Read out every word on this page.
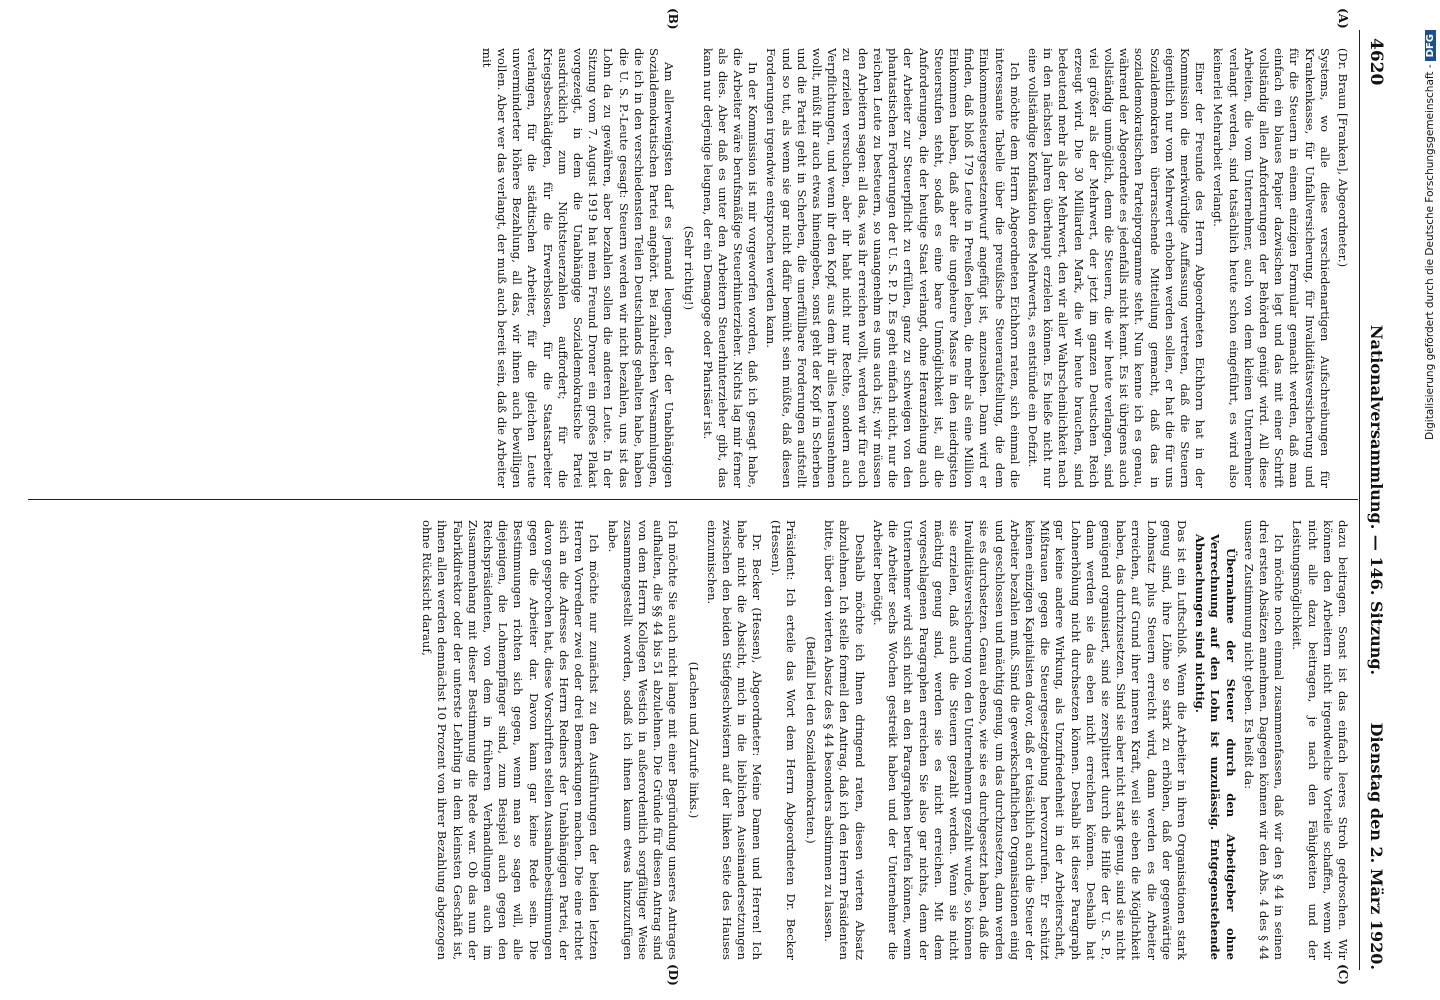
4620
Nationalversammlung. — 146. Sitzung.
Dienstag den 2. März 1920.
(A)
(B)
(C)
(D)

(Dr. Braun [Franken], Abgeordneter.)

Systems, wo alle diese verschiedenartigen Aufschreibungen für Krankenkasse, für Unfallversicherung, für Invaliditätsversicherung und für die Steuern in einem einzigen Formular gemacht werden, daß man einfach ein blaues Papier dazwischen legt und das mit einer Schrift vollständig allen Anforderungen der Behörden genügt wird. All diese Arbeiten, die vom Unternehmer, auch von dem kleinen Unternehmer verlangt werden, sind tatsächlich heute schon eingeführt, es wird also keinerlei Mehrarbeit verlangt.

Einer der Freunde des Herrn Abgeordneten Eichhorn hat in der Kommission die merkwürdige Auffassung vertreten, daß die Steuern eigentlich nur vom Mehrwert erhoben werden sollen, er hat die für uns Sozialdemokraten überraschende Mitteilung gemacht, daß das in sozialdemokratischen Parteiprogramme steht. Nun kenne ich es genau, während der Abgeordnete es jedenfalls nicht kennt. Es ist übrigens auch vollständig unmöglich, denn die Steuern, die wir heute verlangen, sind viel größer als der Mehrwert, der jetzt im ganzen Deutschen Reich erzeugt wird. Die 30 Milliarden Mark, die wir heute brauchen, sind bedeutend mehr als der Mehrwert, den wir aller Wahrscheinlichkeit nach in den nächsten Jahren überhaupt erzielen können. Es hieße nicht nur eine vollständige Konfiskation des Mehrwerts, es entstünde ein Defizit.

Ich möchte dem Herrn Abgeordneten Eichhorn raten, sich einmal die interessante Tabelle über die preußische Steueraufstellung, die dem Einkommensteuergesetzentwurf angefügt ist, anzusehen. Dann wird er finden, daß bloß 179 Leute in Preußen leben, die mehr als eine Million Einkommen haben, daß aber die ungeheure Masse in den niedrigsten Steuerstufen steht, sodaß es eine bare Unmöglichkeit ist, all die Anforderungen, die der heutige Staat verlangt, ohne Heranziehung auch der Arbeiter zur Steuerpflicht zu erfüllen, ganz zu schweigen von den phantastischen Forderungen der U. S. P. D. Es geht einfach nicht, nur die reichen Leute zu besteuern, so unangenehm es uns auch ist; wir müssen den Arbeitern sagen: all das, was ihr erreichen wollt, werden wir für euch zu erzielen versuchen, aber ihr habt nicht nur Rechte, sondern auch Verpflichtungen, und wenn ihr den Kopf, aus dem ihr alles herausnehmen wollt, müßt ihr auch etwas hineingeben, sonst geht der Kopf in Scherben und die Partei geht in Scherben, die unerfüllbare Forderungen aufstellt und so tut, als wenn sie gar nicht dafür bemüht sein müßte, daß diesen Forderungen irgendwie entsprochen werden kann.

In der Kommission ist mir vorgeworfen worden, daß ich gesagt habe, die Arbeiter wäre berufsmäßige Steuerhinterzieher. Nichts lag mir ferner als dies. Aber daß es unter den Arbeitern Steuerhinterzieher gibt, das kann nur derjenige leugnen, der ein Demagoge oder Pharisäer ist.

(Sehr richtig!)

Am allerwenigsten darf es jemand leugnen, der der Unabhängigen Sozialdemokratischen Partei angehört. Bei zahlreichen Versammlungen, die ich in den verschiedensten Teilen Deutschlands gehalten habe, haben die U. S. P.-Leute gesagt: Steuern werden wir nicht bezahlen, uns ist das Lohn da zu gewähren, aber bezahlen sollen die anderen Leute. In der Sitzung vom 7. August 1919 hat mein Freund Droner ein großes Plakat vorgezeigt, in dem die Unabhängige Sozialdemokratische Partei ausdrücklich zum Nichtsteuerzahlen auffordert; für die Kriegsbeschädigten, für die Erwerbslosen, für die Staatsarbeiter verlangen, für die städtischen Arbeiter, für die gleichen Leute unverminderter höhere Bezahlung, all das, wir ihnen auch bewilligen wollen. Aber wer das verlangt, der muß auch bereit sein, daß die Arbeiter mit

dazu beitragen. Sonst ist das einfach leeres Stroh gedroschen. Wir können den Arbeitern nicht irgendwelche Vorteile schaffen, wenn wir nicht alle dazu beitragen, je nach den Fähigkeiten und der Leistungsmöglichkeit.

Ich möchte noch einmal zusammenfassen, daß wir den § 44 in seinen drei ersten Absätzen annehmen. Dagegen können wir den Abs. 4 des § 44 unsere Zustimmung nicht geben. Es heißt da:

Übernahme der Steuer durch den Arbeitgeber ohne Verrechnung auf den Lohn ist unzulässig. Entgegenstehende Abmachungen sind nichtig.

Das ist ein Luftschloß. Wenn die Arbeiter in ihren Organisationen stark genug sind, ihre Löhne so stark zu erhöhen, daß der gegenwärtige Lohnsatz plus Steuern erreicht wird, dann werden es die Arbeiter erreichen, auf Grund ihrer inneren Kraft, weil sie eben die Möglichkeit haben, das durchzusetzen. Sind sie aber nicht stark genug, sind sie nicht genügend organisiert, sind sie zersplittert durch die Hilfe der U. S. P., dann werden sie das eben nicht erreichen können. Deshalb hat Lohnerhöhung nicht durchsetzen können. Deshalb ist dieser Paragraph gar keine andere Wirkung, als Unzufriedenheit in der Arbeiterschaft, Mißtrauen gegen die Steuergesetzgebung hervorzurufen. Er schützt keinen einzigen Kapitalisten davor, daß er tatsächlich auch die Steuer der Arbeiter bezahlen muß. Sind die gewerkschaftlichen Organisationen einig und geschlossen und mächtig genug, um das durchzusetzen, dann werden sie es durchsetzen. Genau ebenso, wie sie es durchgesetzt haben, daß die Invaliditätsversicherung von den Unternehmern gezahlt wurde, so können sie erzielen, daß auch die Steuern gezahlt werden. Wenn sie nicht mächtig genug sind, werden sie es nicht erreichen. Mit dem vorgeschlagenen Paragraphen erreichen Sie also gar nichts, denn der Unternehmer wird sich nicht an den Paragraphen berufen können, wenn die Arbeiter sechs Wochen gestreikt haben und der Unternehmer die Arbeiter benötigt.

Deshalb möchte ich Ihnen dringend raten, diesen vierten Absatz abzulehnen. Ich stelle formell den Antrag, daß ich den Herrn Präsidenten bitte, über den vierten Absatz des § 44 besonders abstimmen zu lassen.

(Beifall bei den Sozialdemokraten.)

Präsident: Ich erteile das Wort dem Herrn Abgeordneten Dr. Becker (Hessen).

Dr. Becker (Hessen), Abgeordneter: Meine Damen und Herren! Ich habe nicht die Absicht, mich in die lieblichen Auseinandersetzungen zwischen den beiden Stiefgeschwistern auf der linken Seite des Hauses einzumischen.

(Lachen und Zurufe links.)

Ich möchte Sie auch nicht lange mit einer Begründung unseres Antrages aufhalten, die §§ 44 bis 51 abzulehnen. Die Gründe für diesen Antrag sind von dem Herrn Kollegen Westich in außerordentlich sorgfältiger Weise zusammengestellt worden, sodaß ich ihnen kaum etwas hinzuzufügen habe.

Ich möchte nur zunächst zu den Ausführungen der beiden letzten Herren Vorredner zwei oder drei Bemerkungen machen. Die eine richtet sich an die Adresse des Herrn Redners der Unabhängigen Partei, der davon gesprochen hat, diese Vorschriften stellen Ausnahmebestimmungen gegen die Arbeiter dar. Davon kann gar keine Rede sein. Die Bestimmungen richten sich gegen, wenn man so sagen will, alle diejenigen, die Lohnempfänger sind, zum Beispiel auch gegen den Reichspräsidenten, von dem in früheren Verhandlungen auch im Zusammenhang mit dieser Bestimmung die Rede war. Ob das nun der Fabrikdirektor oder der unterste Lehrling in dem kleinsten Geschäft ist, ihnen allen werden demnächst 10 Prozent von ihrer Bezahlung abgezogen ohne Rücksicht darauf,

Digitalisierung gefördert durch die Deutsche Forschungsgemeinschaft -DFG
